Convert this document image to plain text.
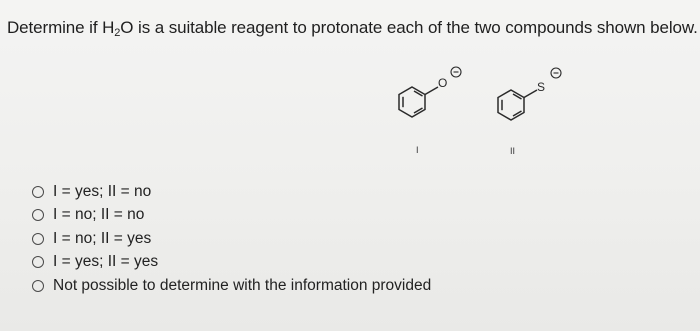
Determine if $H_2O$ is a suitable reagent to protonate each of the two compounds shown below.
O
I
S
II
I = yes; II = no
I = no; II = no
I = no; II = yes
I = yes; II = yes
Not possible to determine with the information provided
